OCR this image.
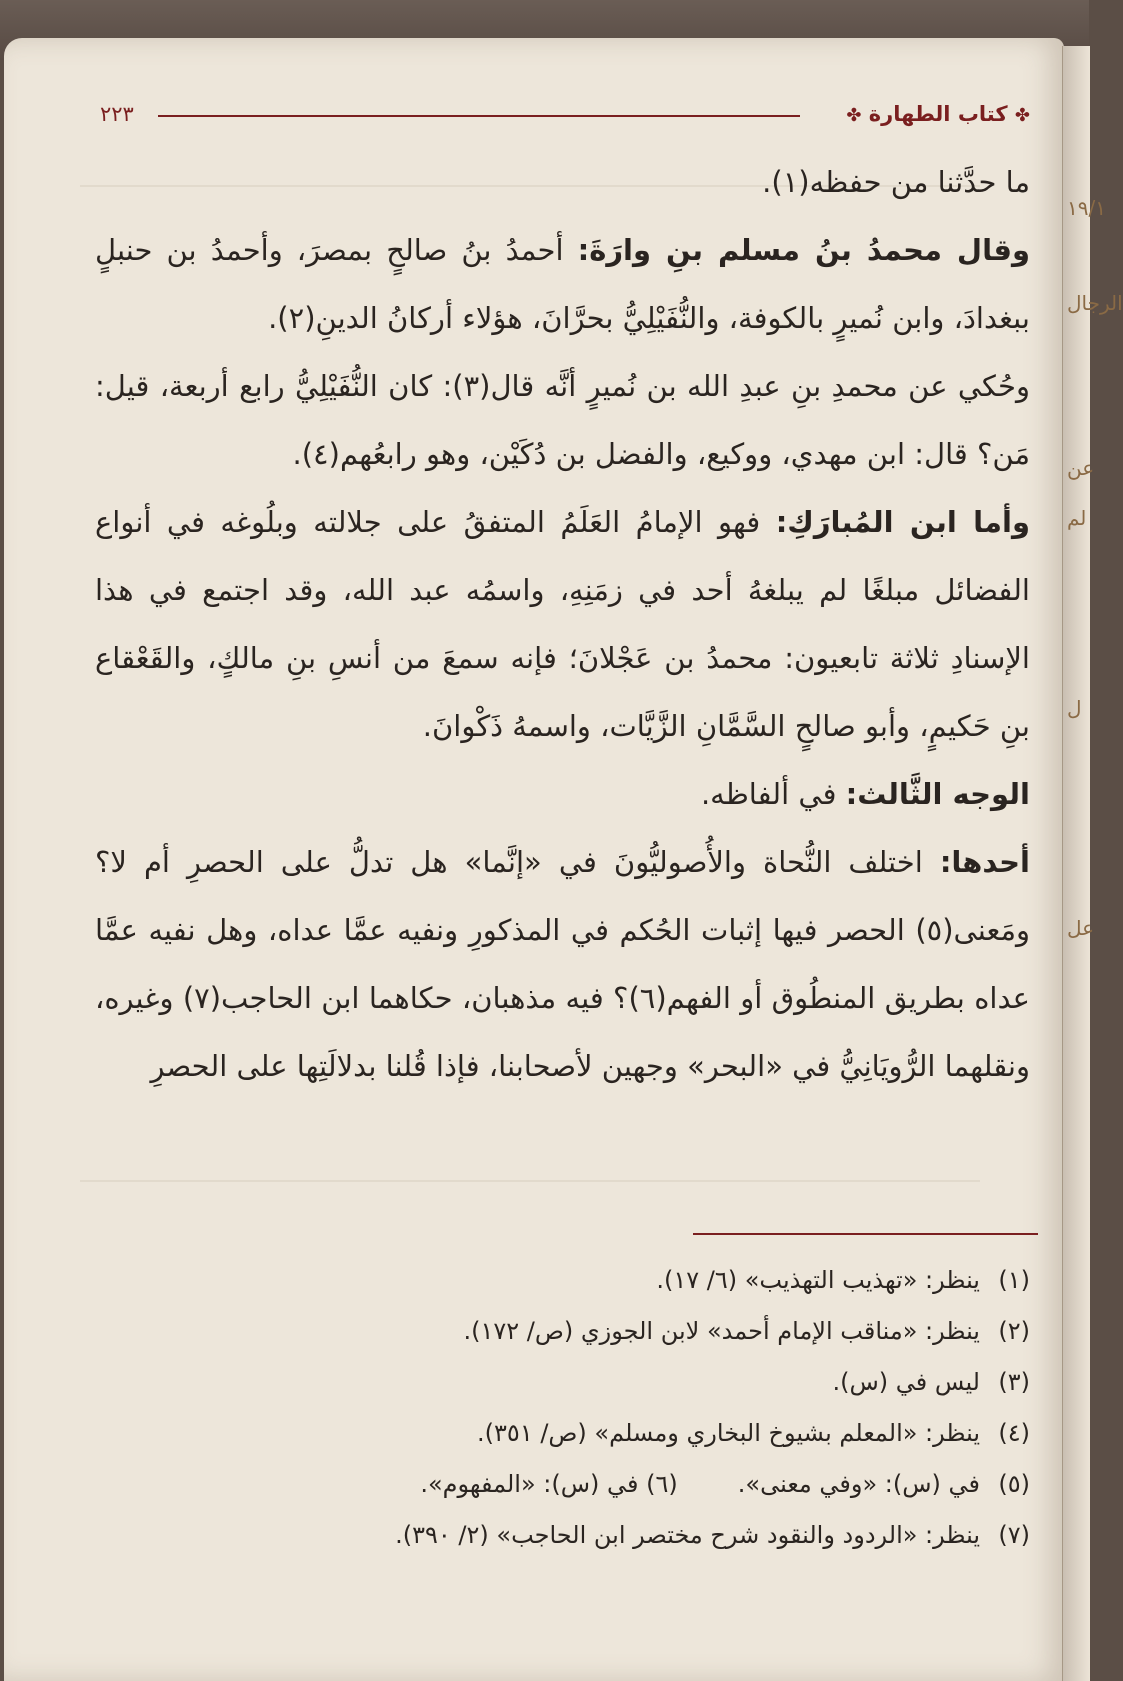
١٩/١
الرجال
عن
لم
ل
عل
✤ كتاب الطهارة ✤
٢٢٣

ما حدَّثنا من حفظه(١).

وقال محمدُ بنُ مسلم بنِ وارَةَ: أحمدُ بنُ صالحٍ بمصرَ، وأحمدُ بن حنبلٍ ببغدادَ، وابن نُميرٍ بالكوفة، والنُّفَيْلِيُّ بحرَّانَ، هؤلاء أركانُ الدينِ(٢).

وحُكي عن محمدِ بنِ عبدِ الله بن نُميرٍ أنَّه قال(٣): كان النُّفَيْلِيُّ رابع أربعة، قيل: مَن؟ قال: ابن مهدي، ووكيع، والفضل بن دُكَيْن، وهو رابعُهم(٤).

وأما ابن المُبارَكِ: فهو الإمامُ العَلَمُ المتفقُ على جلالته وبلُوغه في أنواع الفضائل مبلغًا لم يبلغهُ أحد في زمَنِهِ، واسمُه عبد الله، وقد اجتمع في هذا الإسنادِ ثلاثة تابعيون: محمدُ بن عَجْلانَ؛ فإنه سمعَ من أنسِ بنِ مالكٍ، والقَعْقاع بنِ حَكيمٍ، وأبو صالحٍ السَّمَّانِ الزَّيَّات، واسمهُ ذَكْوانَ.

الوجه الثَّالث: في ألفاظه.

أحدها: اختلف النُّحاة والأُصوليُّونَ في «إنَّما» هل تدلُّ على الحصرِ أم لا؟ ومَعنى(٥) الحصر فيها إثبات الحُكم في المذكورِ ونفيه عمَّا عداه، وهل نفيه عمَّا عداه بطريق المنطُوق أو الفهم(٦)؟ فيه مذهبان، حكاهما ابن الحاجب(٧) وغيره، ونقلهما الرُّويَانِيُّ في «البحر» وجهين لأصحابنا، فإذا قُلنا بدلالَتِها على الحصرِ

(١)ينظر: «تهذيب التهذيب» (٦/ ١٧).
(٢)ينظر: «مناقب الإمام أحمد» لابن الجوزي (ص/ ١٧٢).
(٣)ليس في (س).
(٤)ينظر: «المعلم بشيوخ البخاري ومسلم» (ص/ ٣٥١).
(٥)في (س): «وفي معنى».(٦) في (س): «المفهوم».
(٧)ينظر: «الردود والنقود شرح مختصر ابن الحاجب» (٢/ ٣٩٠).
